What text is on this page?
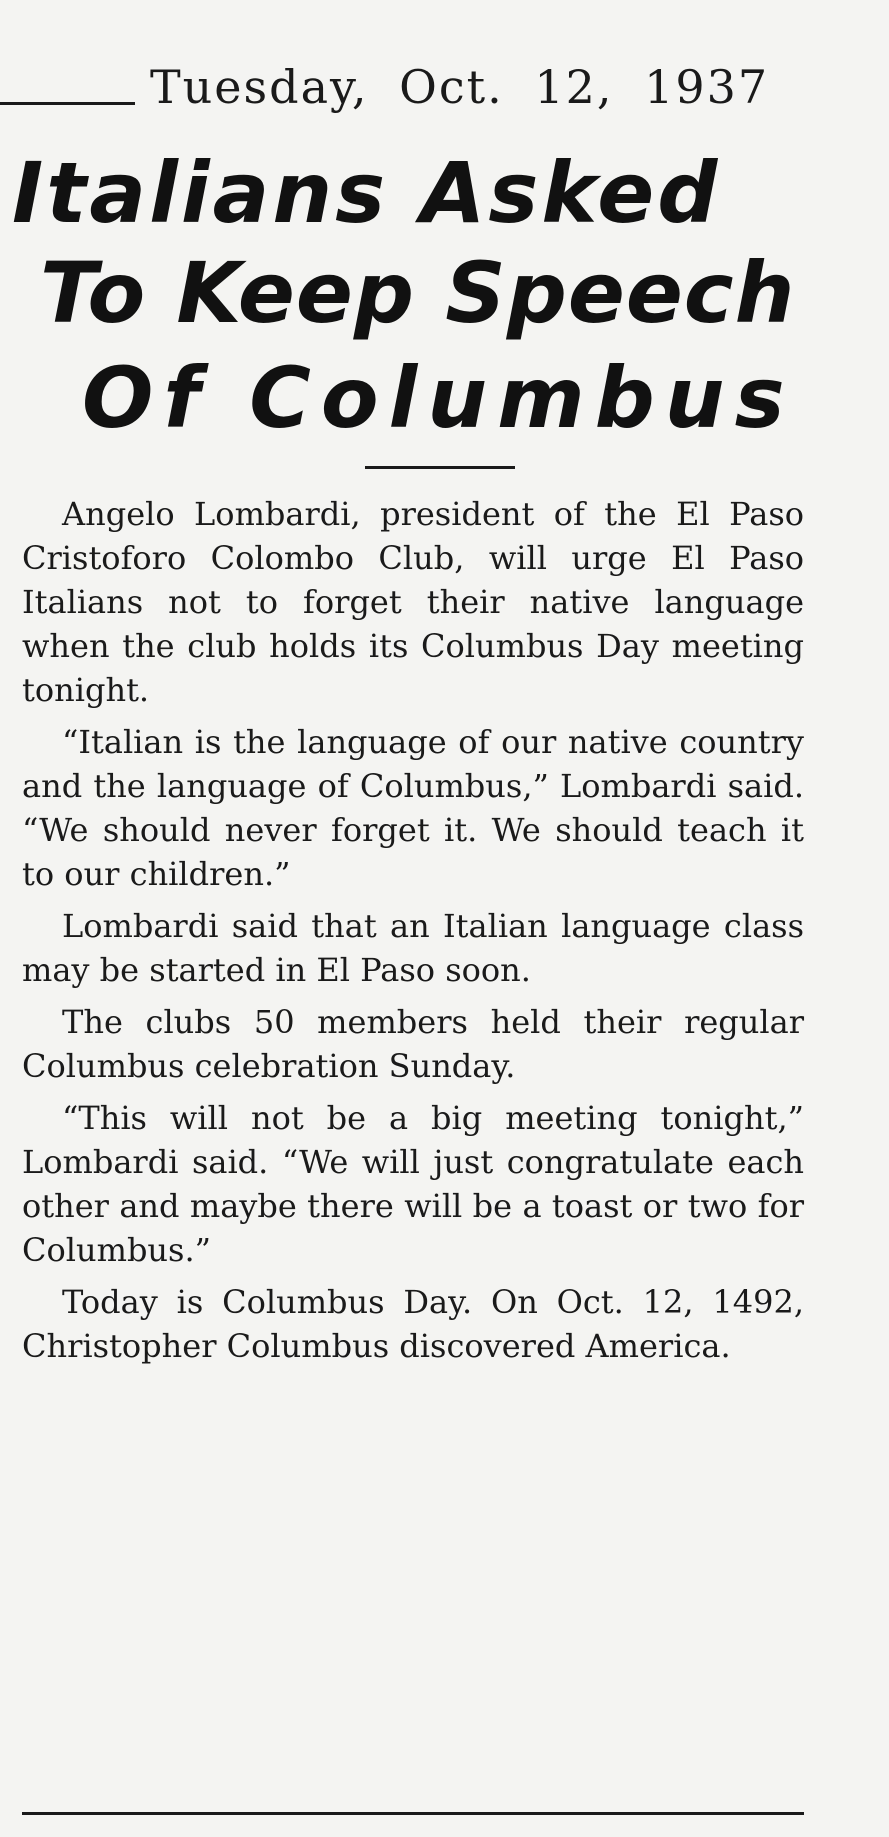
Tuesday, Oct. 12, 1937
Italians Asked
To Keep Speech
Of Columbus

Angelo Lombardi, president of the El Paso Cristoforo Colombo Club, will urge El Paso Italians not to forget their native language when the club holds its Columbus Day meeting tonight.

“Italian is the language of our native country and the language of Columbus,” Lombardi said. “We should never forget it. We should teach it to our children.”

Lombardi said that an Italian language class may be started in El Paso soon.

The clubs 50 members held their regular Columbus celebration Sunday.

“This will not be a big meeting tonight,” Lombardi said. “We will just congratulate each other and maybe there will be a toast or two for Columbus.”

Today is Columbus Day. On Oct. 12, 1492, Christopher Columbus discovered America.
